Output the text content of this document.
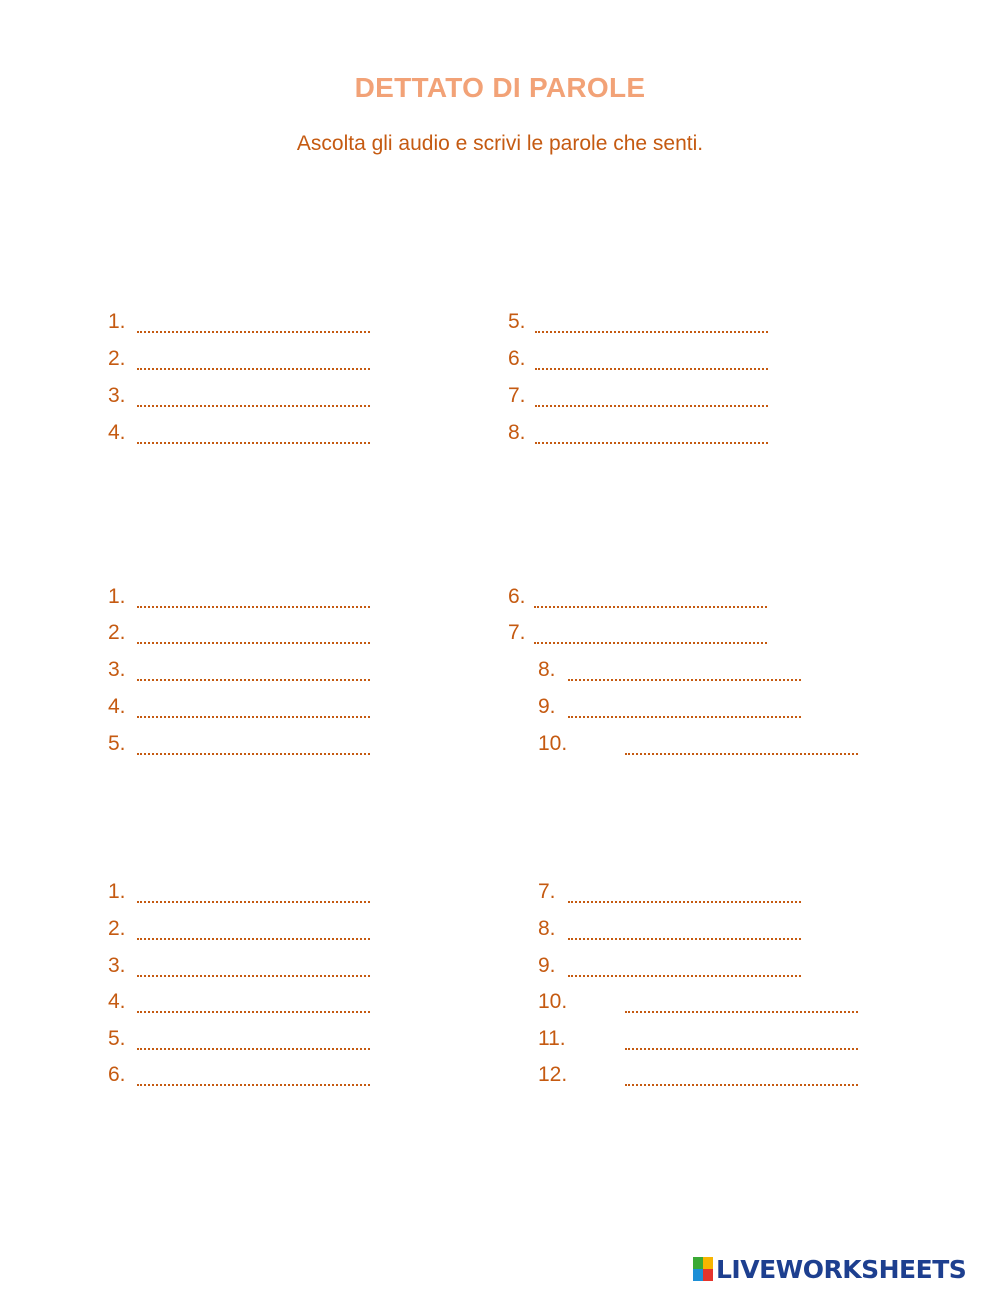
DETTATO DI PAROLE
Ascolta gli audio e scrivi le parole che senti.
1.
2.
3.
4.
5.
6.
7.
8.
1.
2.
3.
4.
5.
6.
7.
8.
9.
10.
1.
2.
3.
4.
5.
6.
7.
8.
9.
10.
11.
12.
LIVEWORKSHEETS
